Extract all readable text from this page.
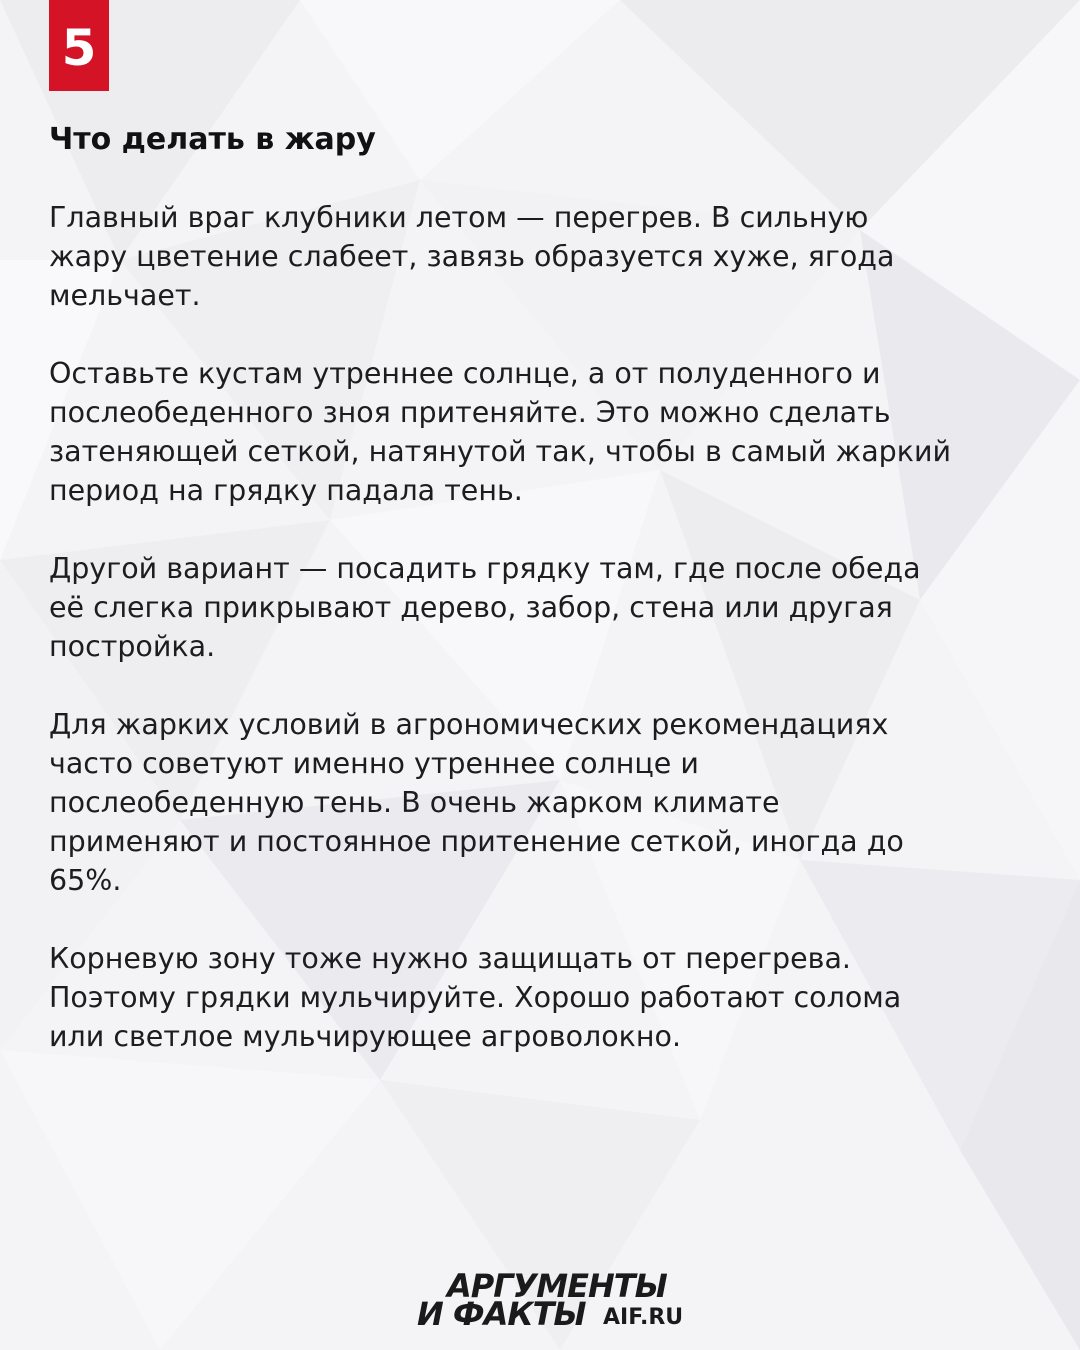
5
Что делать в жару

Главный враг клубники летом — перегрев. В сильную
жару цветение слабеет, завязь образуется хуже, ягода
мельчает.

Оставьте кустам утреннее солнце, а от полуденного и
послеобеденного зноя притеняйте. Это можно сделать
затеняющей сеткой, натянутой так, чтобы в самый жаркий
период на грядку падала тень.

Другой вариант — посадить грядку там, где после обеда
её слегка прикрывают дерево, забор, стена или другая
постройка.

Для жарких условий в агрономических рекомендациях
часто советуют именно утреннее солнце и
послеобеденную тень. В очень жарком климате
применяют и постоянное притенение сеткой, иногда до
65%.

Корневую зону тоже нужно защищать от перегрева.
Поэтому грядки мульчируйте. Хорошо работают солома
или светлое мульчирующее агроволокно.

АРГУМЕНТЫ
И ФАКТЫ AIF.RU
